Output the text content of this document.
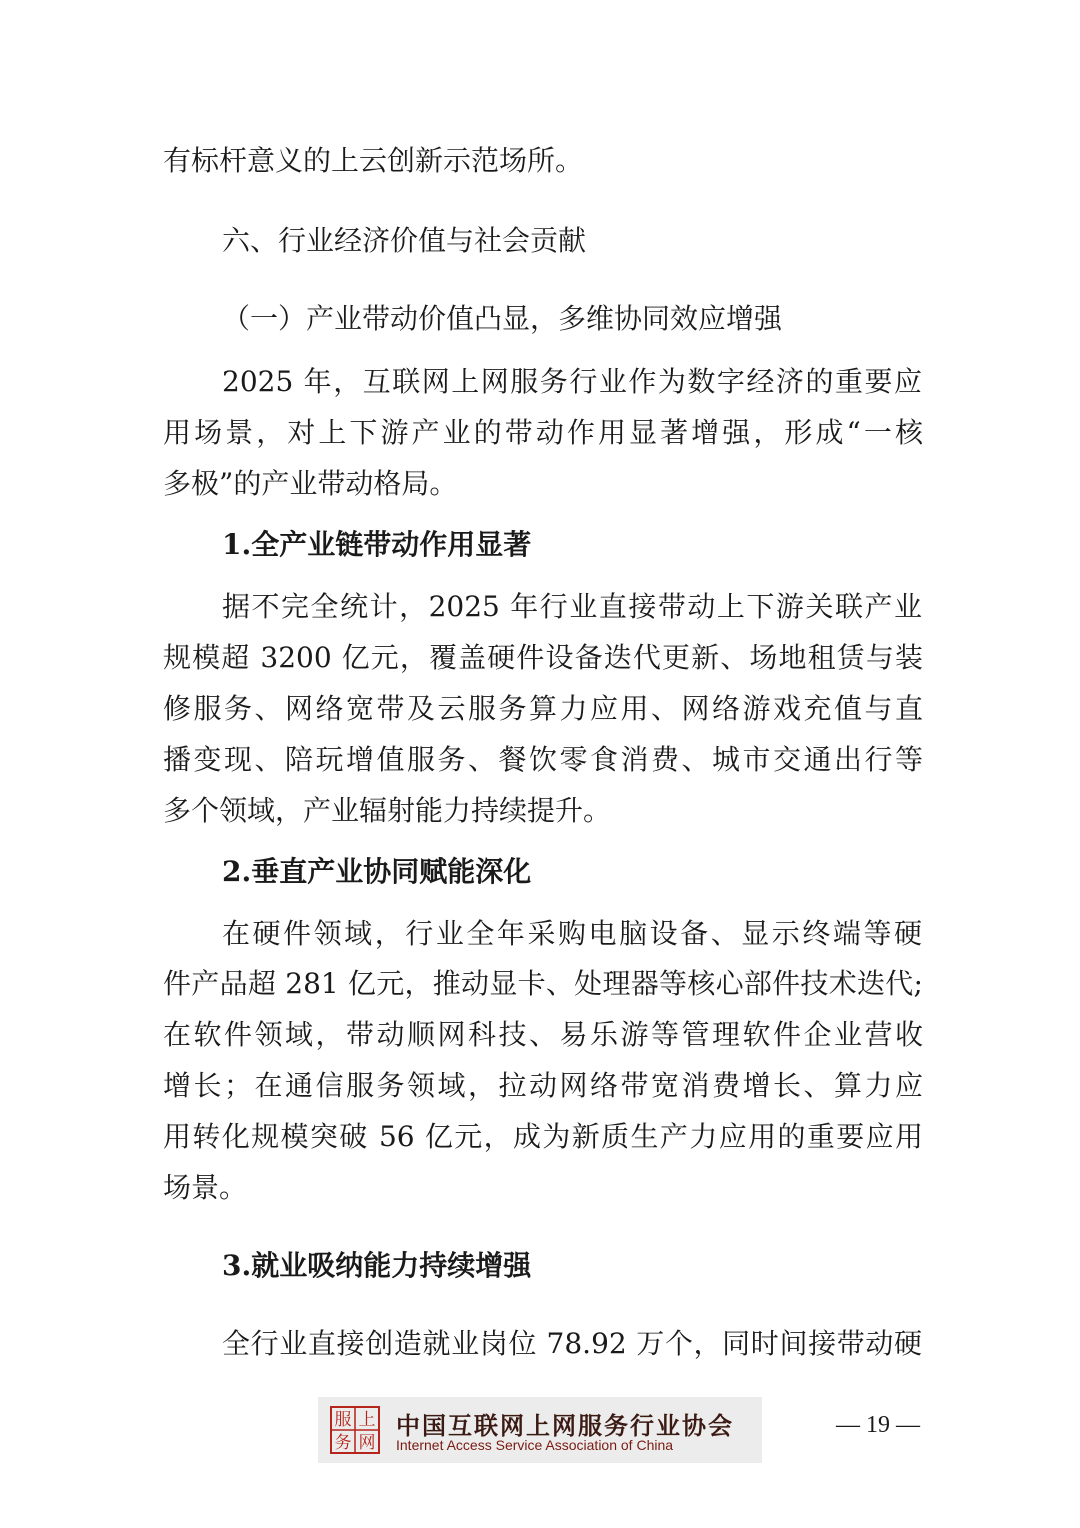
有标杆意义的上云创新示范场所。
六、行业经济价值与社会贡献
（一）产业带动价值凸显，多维协同效应增强
2025 年，互联网上网服务行业作为数字经济的重要应
用场景，对上下游产业的带动作用显著增强，形成“一核
多极”的产业带动格局。
1.全产业链带动作用显著
据不完全统计，2025 年行业直接带动上下游关联产业
规模超 3200 亿元，覆盖硬件设备迭代更新、场地租赁与装
修服务、网络宽带及云服务算力应用、网络游戏充值与直
播变现、陪玩增值服务、餐饮零食消费、城市交通出行等
多个领域，产业辐射能力持续提升。
2.垂直产业协同赋能深化
在硬件领域，行业全年采购电脑设备、显示终端等硬
件产品超 281 亿元，推动显卡、处理器等核心部件技术迭代;
在软件领域，带动顺网科技、易乐游等管理软件企业营收
增长；在通信服务领域，拉动网络带宽消费增长、算力应
用转化规模突破 56 亿元，成为新质生产力应用的重要应用
场景。
3.就业吸纳能力持续增强
全行业直接创造就业岗位 78.92 万个，同时间接带动硬
服 上
务 网
中国互联网上网服务行业协会
Internet Access Service Association of China
— 19 —
